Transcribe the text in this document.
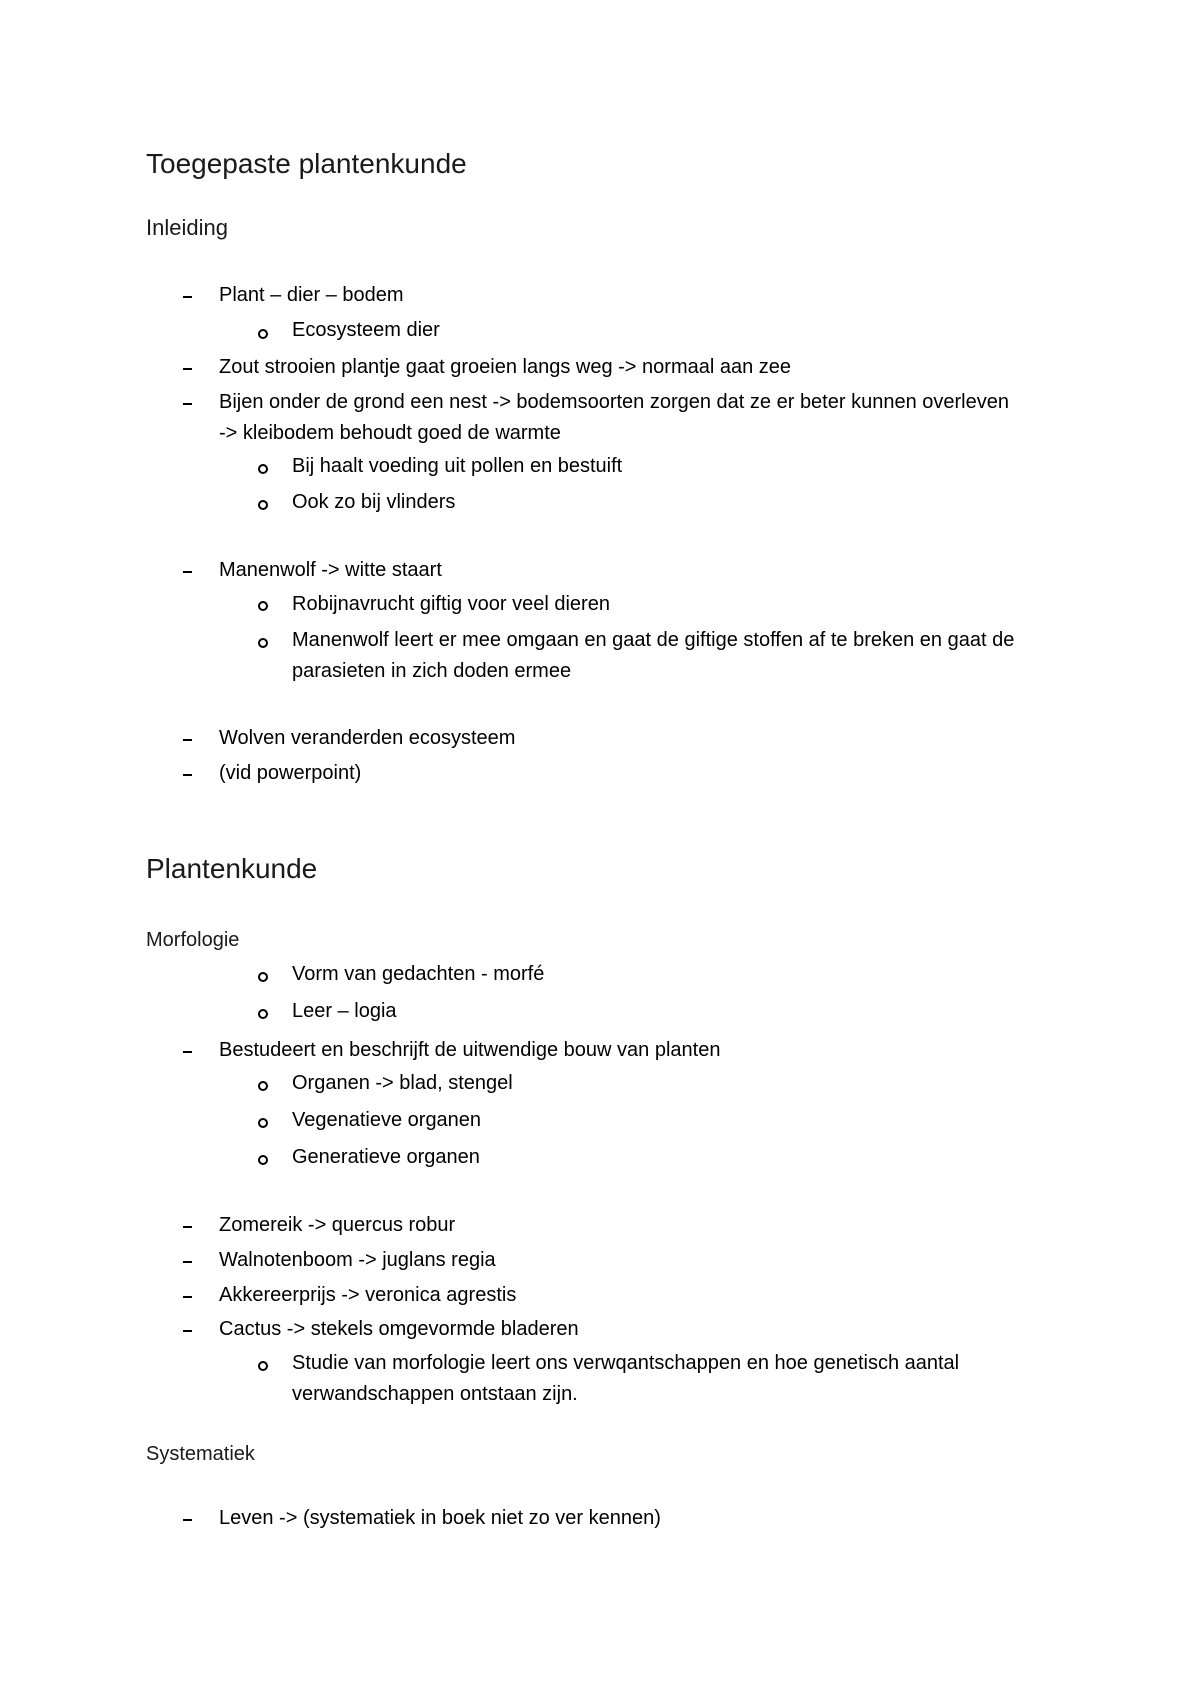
Toegepaste plantenkunde
Inleiding
Plant – dier – bodem
Ecosysteem dier
Zout strooien plantje gaat groeien langs weg -> normaal aan zee
Bijen onder de grond een nest -> bodemsoorten zorgen dat ze er beter kunnen overleven -> kleibodem behoudt goed de warmte
Bij haalt voeding uit pollen en bestuift
Ook zo bij vlinders
Manenwolf -> witte staart
Robijnavrucht giftig voor veel dieren
Manenwolf leert er mee omgaan en gaat de giftige stoffen af te breken en gaat de parasieten in zich doden ermee
Wolven veranderden ecosysteem
(vid powerpoint)
Plantenkunde
Morfologie
Vorm van gedachten - morfé
Leer – logia
Bestudeert en beschrijft de uitwendige bouw van planten
Organen -> blad, stengel
Vegenatieve organen
Generatieve organen
Zomereik -> quercus robur
Walnotenboom -> juglans regia
Akkereerprijs -> veronica agrestis
Cactus -> stekels omgevormde bladeren
Studie van morfologie leert ons verwqantschappen en hoe genetisch aantal verwandschappen ontstaan zijn.
Systematiek
Leven -> (systematiek in boek niet zo ver kennen)
